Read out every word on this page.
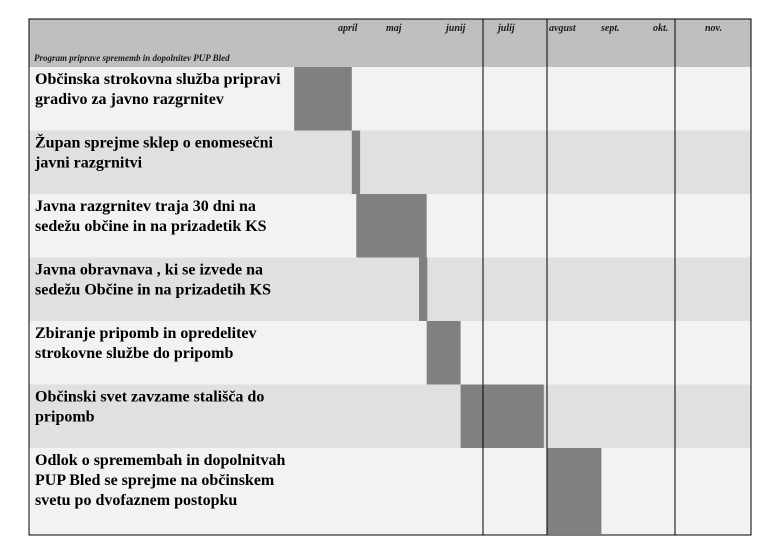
Program priprave sprememb in dopolnitev PUP Bled
april	maj	junij	julij	avgust	sept.	okt.	nov.
Občinska strokovna služba pripravi gradivo za javno razgrnitev
Župan sprejme sklep o enomesečni javni razgrnitvi
Javna razgrnitev traja 30 dni na sedežu občine in na prizadetik KS
Javna obravnava , ki se izvede na sedežu Občine in na prizadetih KS
Zbiranje pripomb in opredelitev strokovne službe do pripomb
Občinski svet zavzame stališča do pripomb
Odlok o spremembah in dopolnitvah PUP Bled se sprejme na občinskem svetu po dvofaznem postopku
